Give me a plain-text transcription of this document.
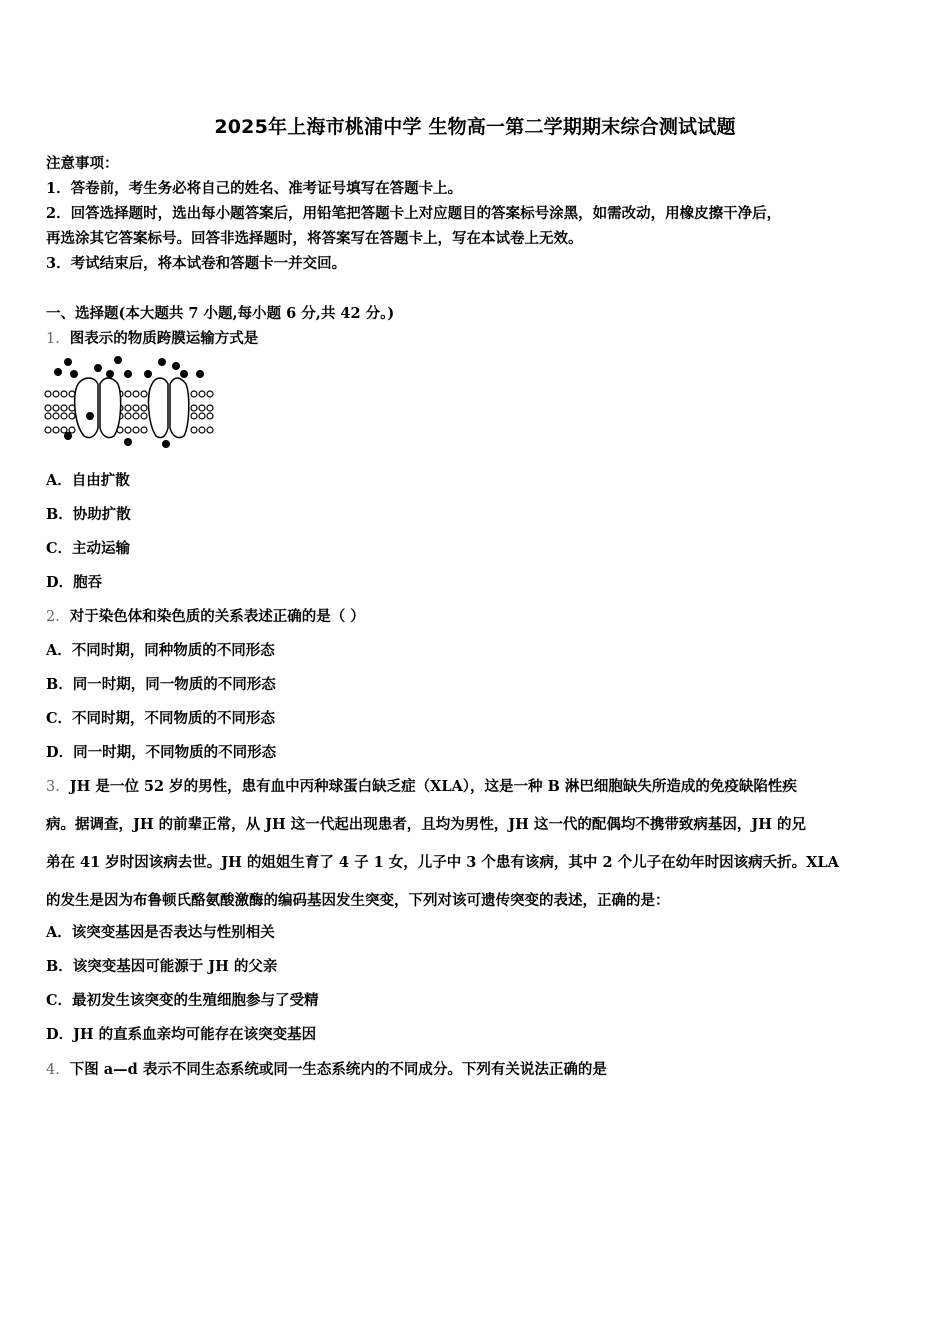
2025年上海市桃浦中学 生物高一第二学期期末综合测试试题
注意事项：
1．答卷前，考生务必将自己的姓名、准考证号填写在答题卡上。
2．回答选择题时，选出每小题答案后，用铅笔把答题卡上对应题目的答案标号涂黑，如需改动，用橡皮擦干净后，
再选涂其它答案标号。回答非选择题时，将答案写在答题卡上，写在本试卷上无效。
3．考试结束后，将本试卷和答题卡一并交回。
一、选择题(本大题共 7 小题,每小题 6 分,共 42 分。)
1．图表示的物质跨膜运输方式是
A．自由扩散
B．协助扩散
C．主动运输
D．胞吞
2．对于染色体和染色质的关系表述正确的是（ ）
A．不同时期，同种物质的不同形态
B．同一时期，同一物质的不同形态
C．不同时期，不同物质的不同形态
D．同一时期，不同物质的不同形态
3．JH 是一位 52 岁的男性，患有血中丙种球蛋白缺乏症（XLA），这是一种 B 淋巴细胞缺失所造成的免疫缺陷性疾
病。据调查，JH 的前辈正常，从 JH 这一代起出现患者，且均为男性，JH 这一代的配偶均不携带致病基因，JH 的兄
弟在 41 岁时因该病去世。JH 的姐姐生育了 4 子 1 女，儿子中 3 个患有该病，其中 2 个儿子在幼年时因该病夭折。XLA
的发生是因为布鲁顿氏酪氨酸激酶的编码基因发生突变，下列对该可遗传突变的表述，正确的是：
A．该突变基因是否表达与性别相关
B．该突变基因可能源于 JH 的父亲
C．最初发生该突变的生殖细胞参与了受精
D．JH 的直系血亲均可能存在该突变基因
4．下图 a—d 表示不同生态系统或同一生态系统内的不同成分。下列有关说法正确的是
